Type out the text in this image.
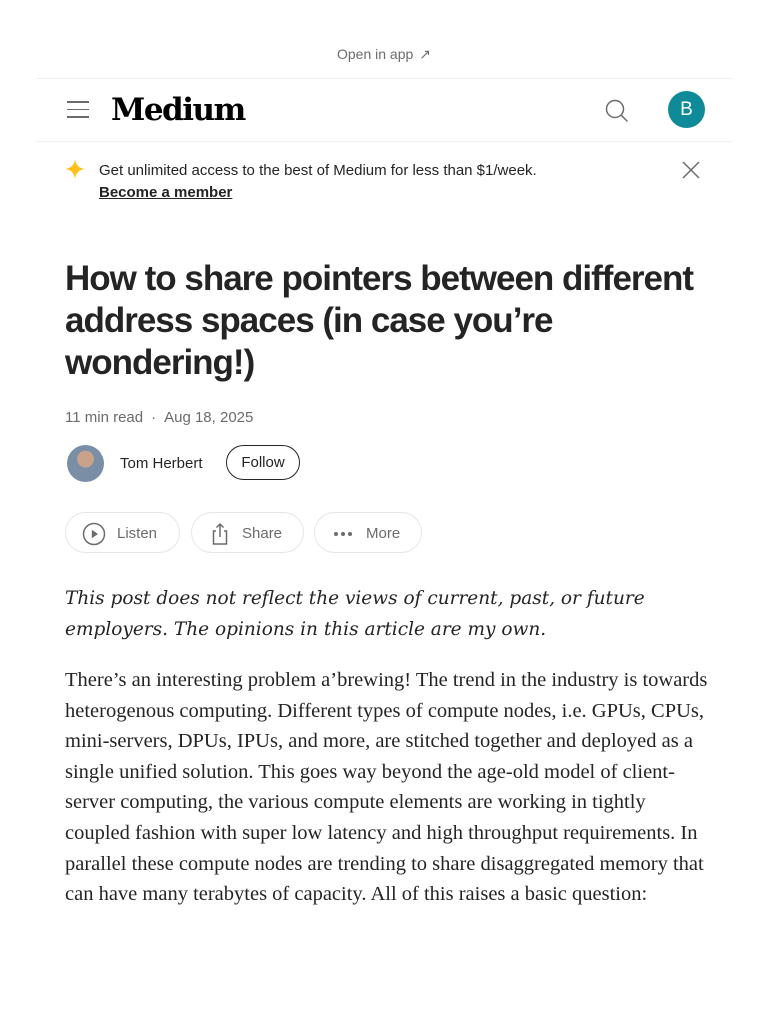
Open in app ↗
Medium	B
Get unlimited access to the best of Medium for less than $1/week.
Become a member
How to share pointers between different address spaces (in case you’re wondering!)
11 min read · Aug 18, 2025
Tom Herbert	Follow
Listen	Share	More

This post does not reflect the views of current, past, or future employers. The opinions in this article are my own.

There’s an interesting problem a’brewing! The trend in the industry is towards heterogenous computing. Different types of compute nodes, i.e. GPUs, CPUs, mini-servers, DPUs, IPUs, and more, are stitched together and deployed as a single unified solution. This goes way beyond the age-old model of client-server computing, the various compute elements are working in tightly coupled fashion with super low latency and high throughput requirements. In parallel these compute nodes are trending to share disaggregated memory that can have many terabytes of capacity. All of this raises a basic question:
